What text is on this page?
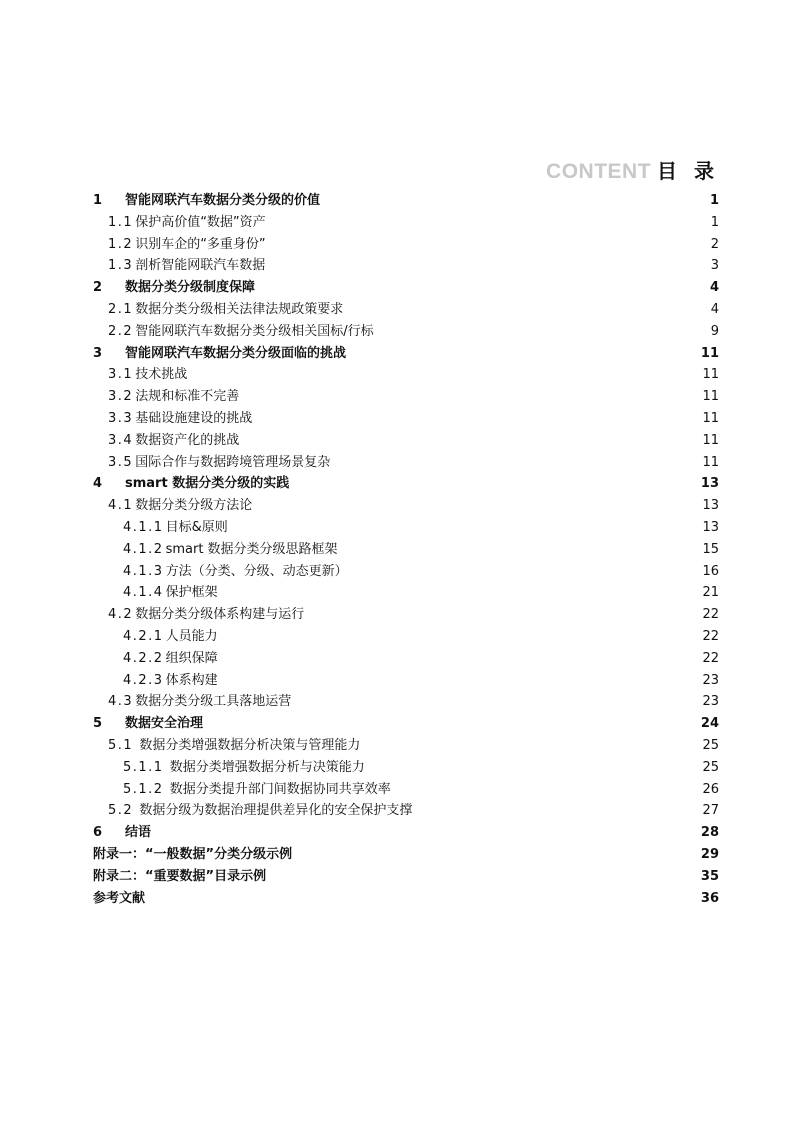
CONTENT 目 录
1 智能网联汽车数据分类分级的价值	1
1.1 保护高价值“数据”资产	1
1.2 识别车企的“多重身份”	2
1.3 剖析智能网联汽车数据	3
2 数据分类分级制度保障	4
2.1 数据分类分级相关法律法规政策要求	4
2.2 智能网联汽车数据分类分级相关国标/行标	9
3 智能网联汽车数据分类分级面临的挑战	11
3.1 技术挑战	11
3.2 法规和标准不完善	11
3.3 基础设施建设的挑战	11
3.4 数据资产化的挑战	11
3.5 国际合作与数据跨境管理场景复杂	11
4 smart 数据分类分级的实践	13
4.1 数据分类分级方法论	13
4.1.1 目标&原则	13
4.1.2 smart 数据分类分级思路框架	15
4.1.3 方法（分类、分级、动态更新）	16
4.1.4 保护框架	21
4.2 数据分类分级体系构建与运行	22
4.2.1 人员能力	22
4.2.2 组织保障	22
4.2.3 体系构建	23
4.3 数据分类分级工具落地运营	23
5 数据安全治理	24
5.1 数据分类增强数据分析决策与管理能力	25
5.1.1 数据分类增强数据分析与决策能力	25
5.1.2 数据分类提升部门间数据协同共享效率	26
5.2 数据分级为数据治理提供差异化的安全保护支撑	27
6 结语	28
附录一：“一般数据”分类分级示例	29
附录二：“重要数据”目录示例	35
参考文献	36
